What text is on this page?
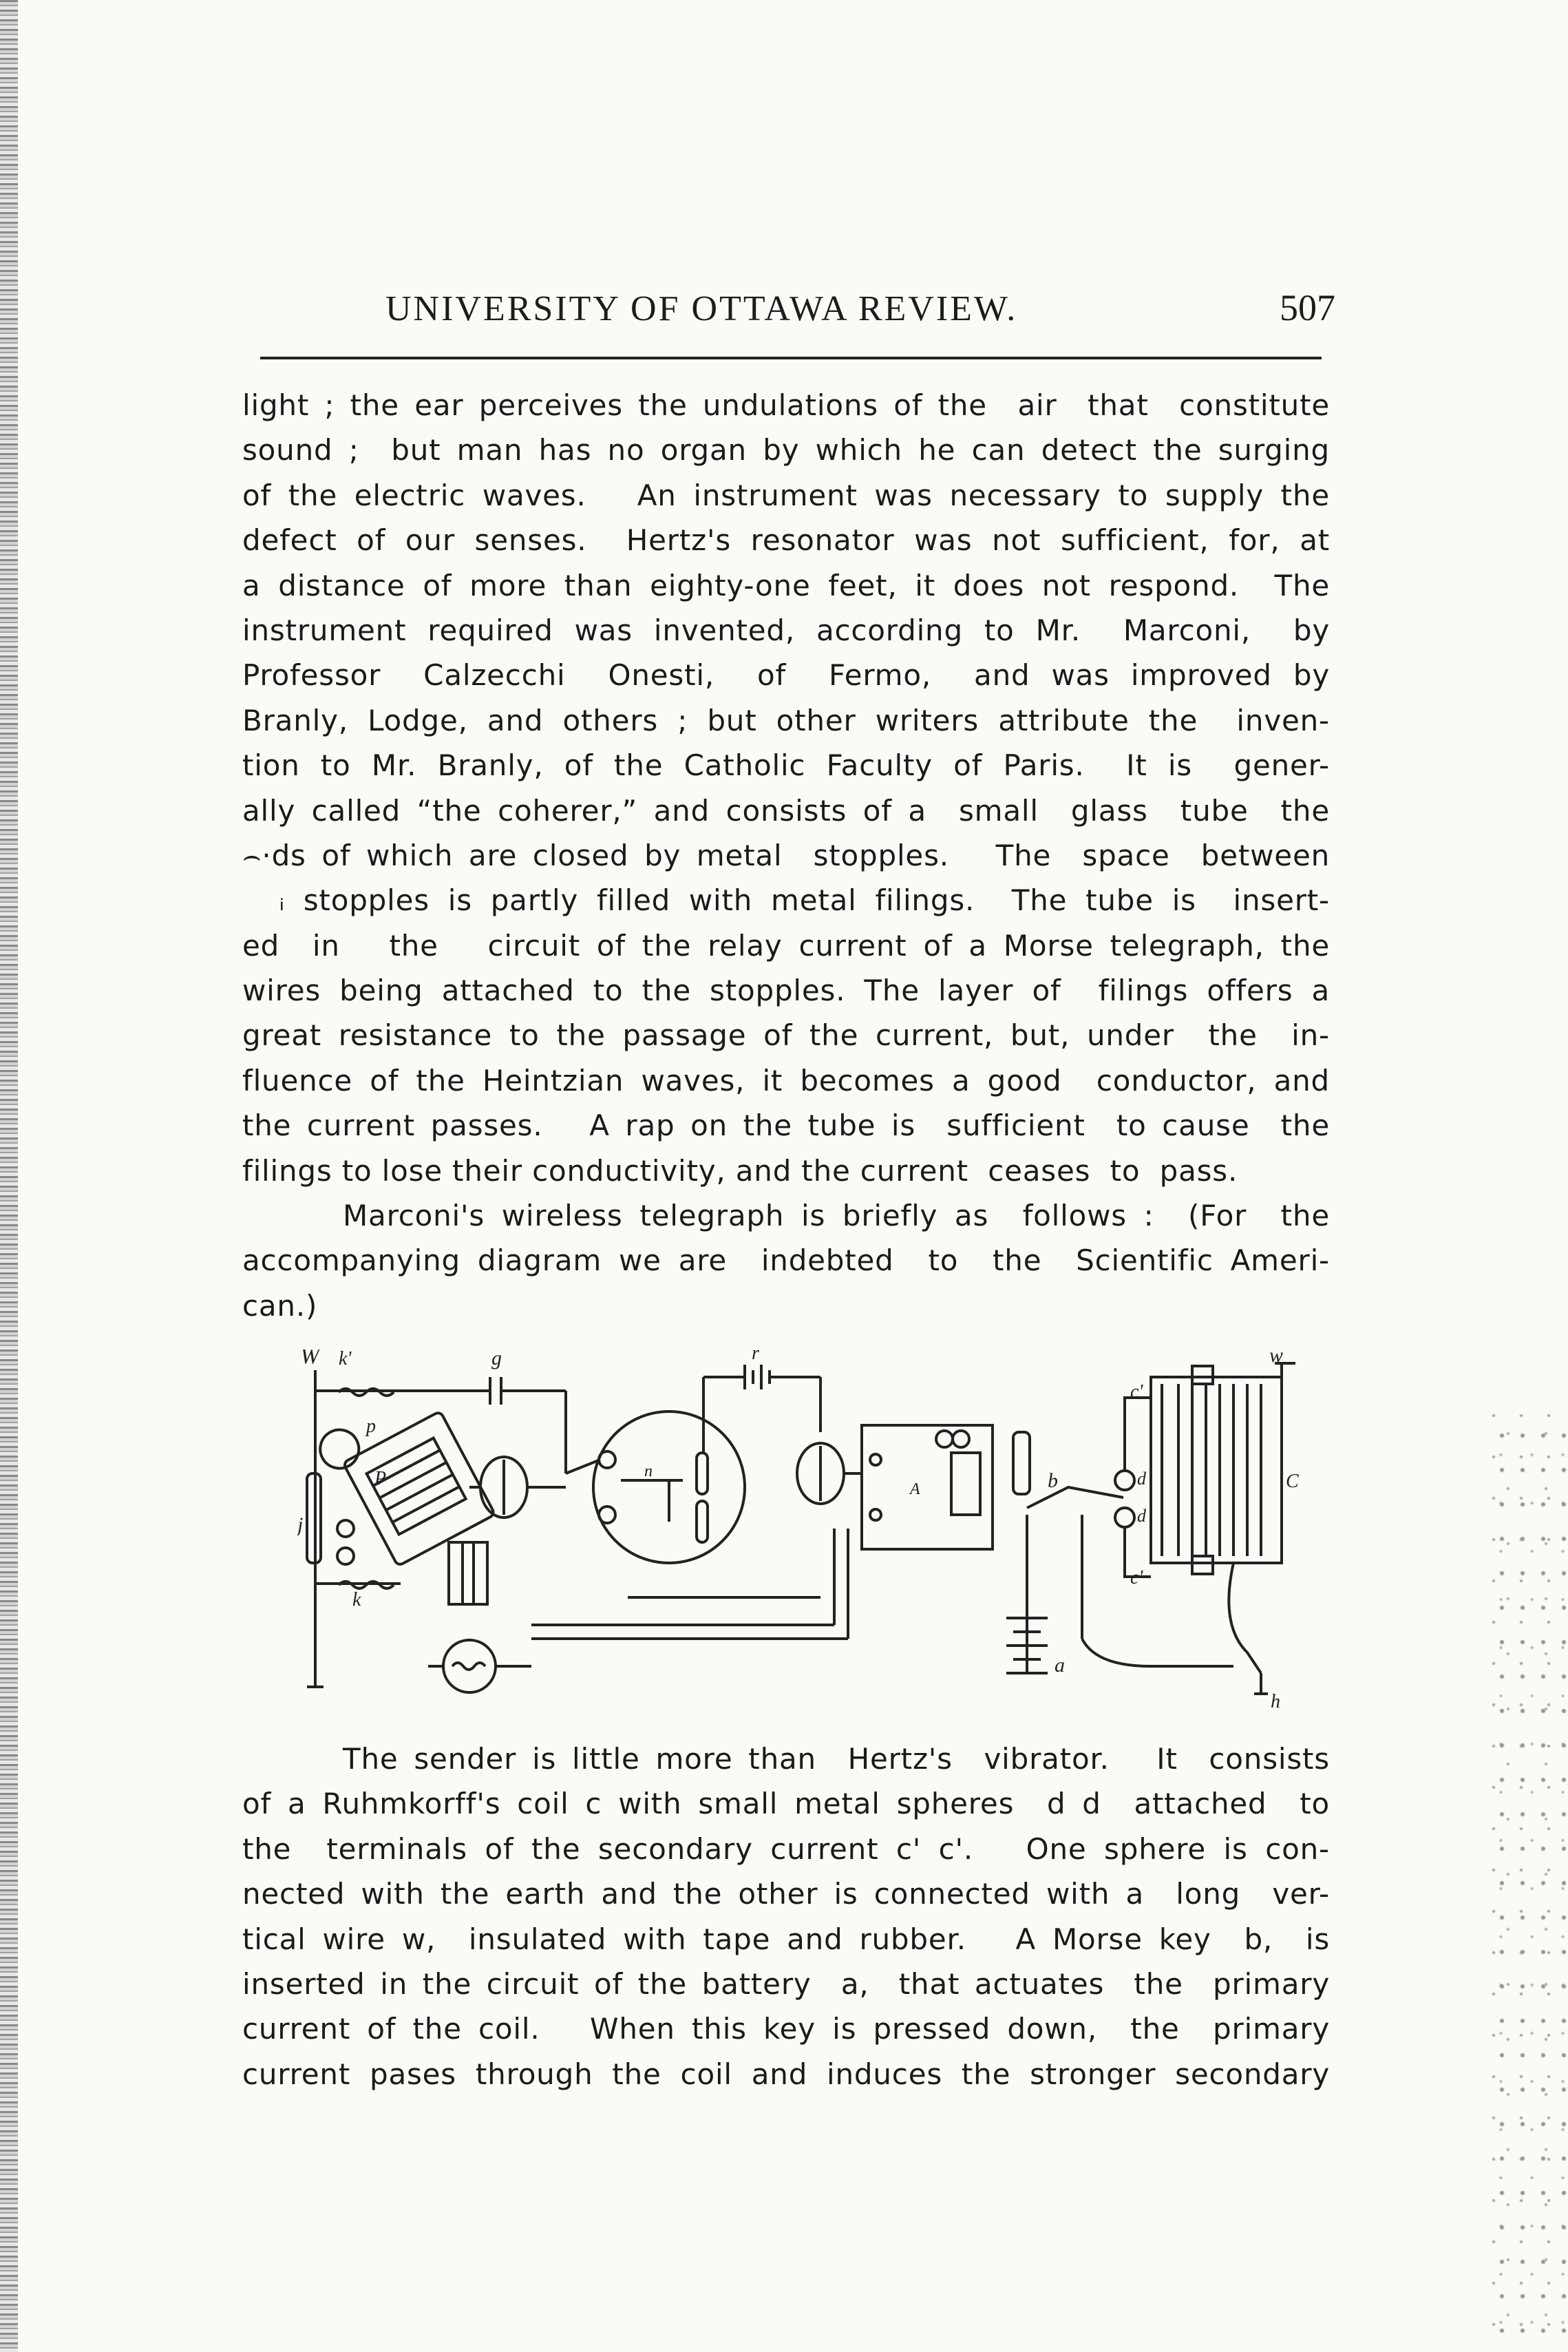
UNIVERSITY OF OTTAWA REVIEW.	507
light ; the ear perceives the undulations of the  air  that  constitute
sound ;  but man has no organ by which he can detect the surging
of the electric waves.   An instrument was necessary to supply the
defect of our senses.  Hertz's resonator was not sufficient, for, at
a distance of more than eighty-one feet, it does not respond.  The
instrument required was invented, according to Mr.  Marconi,  by
Professor  Calzecchi  Onesti,  of  Fermo,  and was improved by
Branly, Lodge, and others ; but other writers attribute the  inven-
tion to Mr. Branly, of the Catholic Faculty of Paris.  It is  gener-
ally called “the coherer,” and consists of a  small  glass  tube  the
⌢·ds of which are closed by metal  stopples.   The  space  between
ᵢ stopples is partly filled with metal filings.  The tube is  insert-
ed  in   the   circuit of the relay current of a Morse telegraph, the
wires being attached to the stopples. The layer of  filings offers a
great resistance to the passage of the current, but, under  the  in-
fluence of the Heintzian waves, it becomes a good  conductor, and
the current passes.   A rap on the tube is  sufficient  to cause  the
filings to lose their conductivity, and the current  ceases  to  pass.
Marconi's wireless telegraph is briefly as  follows :  (For  the
accompanying diagram we are  indebted  to  the  Scientific Ameri-
can.)
W k'	g	r	w
p
P
j
k
n
A	b
c'
d
d
C
c'
a
h
The sender is little more than  Hertz's  vibrator.   It  consists
of a Ruhmkorff's coil c with small metal spheres  d d  attached  to
the  terminals of the secondary current c' c'.   One sphere is con-
nected with the earth and the other is connected with a  long  ver-
tical wire w,  insulated with tape and rubber.   A Morse key  b,  is
inserted in the circuit of the battery  a,  that actuates  the  primary
current of the coil.   When this key is pressed down,  the  primary
current pases through the coil and induces the stronger secondary
